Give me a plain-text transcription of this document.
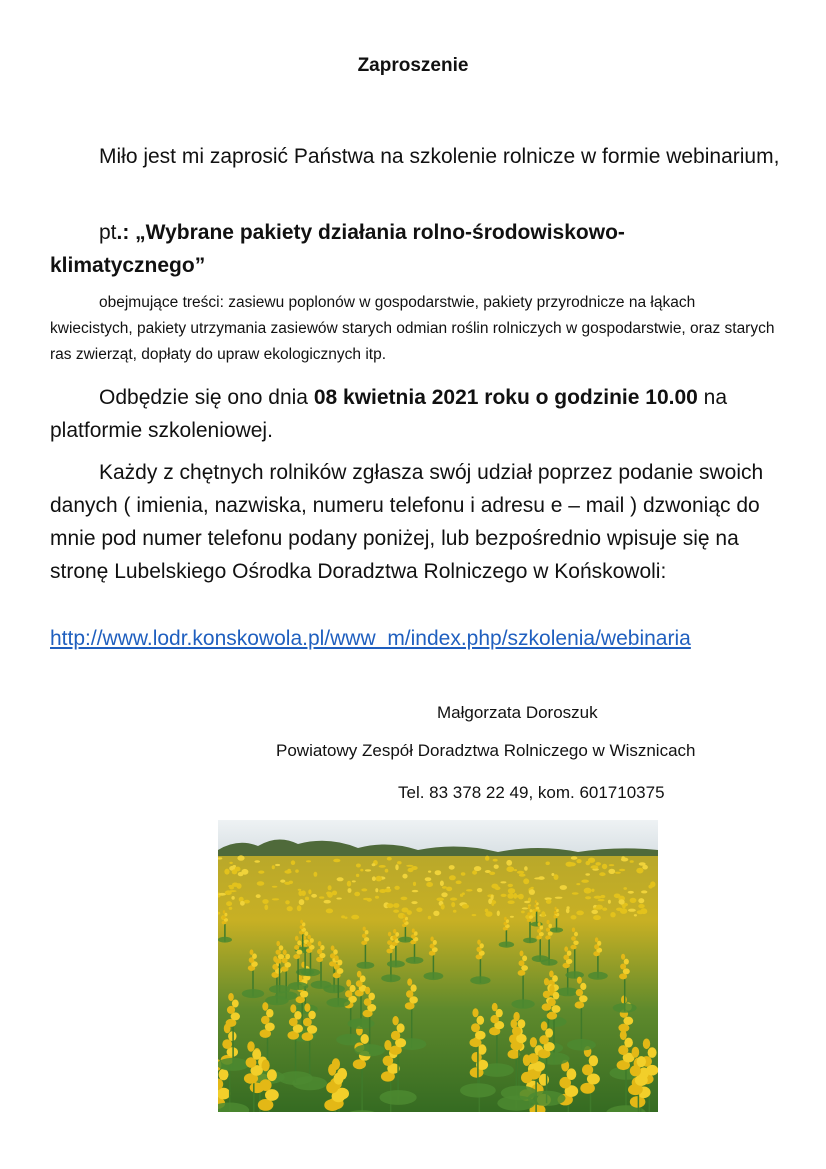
Zaproszenie
Miło jest mi zaprosić Państwa na szkolenie rolnicze w formie webinarium,
pt.: „Wybrane pakiety działania rolno-środowiskowo-klimatycznego”
obejmujące treści: zasiewu poplonów w gospodarstwie, pakiety przyrodnicze na łąkach kwiecistych, pakiety utrzymania zasiewów starych odmian roślin rolniczych w gospodarstwie, oraz starych ras zwierząt, dopłaty do upraw ekologicznych itp.
Odbędzie się ono dnia 08 kwietnia 2021 roku o godzinie 10.00 na platformie szkoleniowej.
Każdy z chętnych rolników zgłasza swój udział poprzez podanie swoich danych ( imienia, nazwiska, numeru telefonu i adresu e – mail ) dzwoniąc do mnie pod numer telefonu podany poniżej, lub bezpośrednio wpisuje się na stronę Lubelskiego Ośrodka Doradztwa Rolniczego w Końskowoli:
http://www.lodr.konskowola.pl/www_m/index.php/szkolenia/webinaria
Małgorzata Doroszuk
Powiatowy Zespół Doradztwa Rolniczego w Wisznicach
Tel. 83 378 22 49, kom. 601710375
